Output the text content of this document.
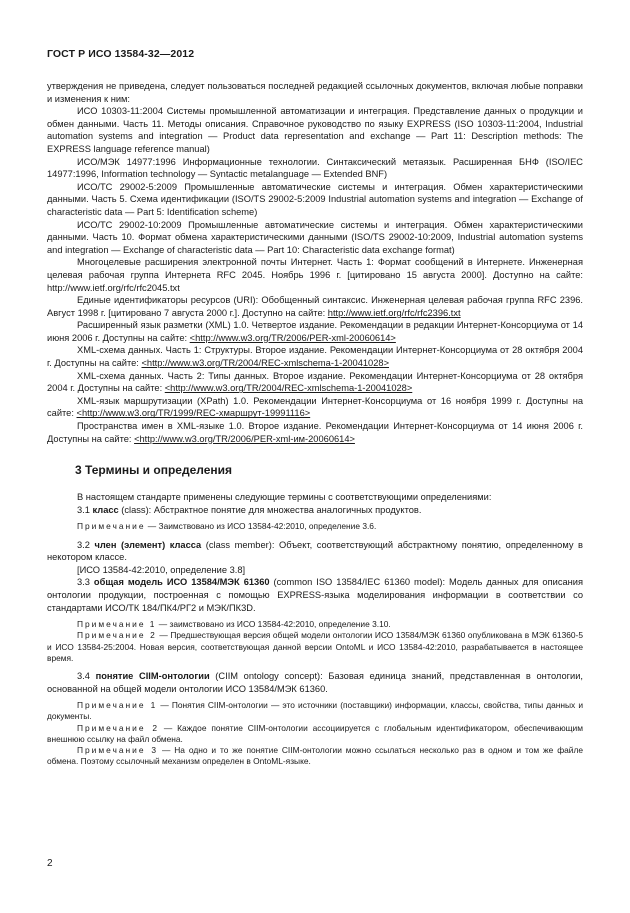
ГОСТ Р ИСО 13584-32—2012

утверждения не приведена, следует пользоваться последней редакцией ссылочных документов, включая любые поправки и изменения к ним:

ИСО 10303-11:2004 Системы промышленной автоматизации и интеграция. Представление данных о продукции и обмен данными. Часть 11. Методы описания. Справочное руководство по языку EXPRESS (ISO 10303-11:2004, Industrial automation systems and integration — Product data representation and exchange — Part 11: Description methods: The EXPRESS language reference manual)

ИСО/МЭК 14977:1996 Информационные технологии. Синтаксический метаязык. Расширенная БНФ (ISO/IEC 14977:1996, Information technology — Syntactic metalanguage — Extended BNF)

ИСО/ТС 29002-5:2009 Промышленные автоматические системы и интеграция. Обмен характеристическими данными. Часть 5. Схема идентификации (ISO/TS 29002-5:2009 Industrial automation systems and integration — Exchange of characteristic data — Part 5: Identification scheme)

ИСО/ТС 29002-10:2009 Промышленные автоматические системы и интеграция. Обмен характеристическими данными. Часть 10. Формат обмена характеристическими данными (ISO/TS 29002-10:2009, Industrial automation systems and integration — Exchange of characteristic data — Part 10: Characteristic data exchange format)

Многоцелевые расширения электронной почты Интернет. Часть 1: Формат сообщений в Интернете. Инженерная целевая рабочая группа Интернета RFC 2045. Ноябрь 1996 г. [цитировано 15 августа 2000]. Доступно на сайте: http://www.ietf.org/rfc/rfc2045.txt

Единые идентификаторы ресурсов (URI): Обобщенный синтаксис. Инженерная целевая рабочая группа RFC 2396. Август 1998 г. [цитировано 7 августа 2000 г.]. Доступно на сайте: http://www.ietf.org/rfc/rfc2396.txt

Расширенный язык разметки (XML) 1.0. Четвертое издание. Рекомендации в редакции Интернет-Консорциума от 14 июня 2006 г. Доступны на сайте: <http://www.w3.org/TR/2006/PER-xml-20060614>

XML-схема данных. Часть 1: Структуры. Второе издание. Рекомендации Интернет-Консорциума от 28 октября 2004 г. Доступны на сайте: <http://www.w3.org/TR/2004/REC-xmlschema-1-20041028>

XML-схема данных. Часть 2: Типы данных. Второе издание. Рекомендации Интернет-Консорциума от 28 октября 2004 г. Доступны на сайте: <http://www.w3.org/TR/2004/REC-xmlschema-1-20041028>

XML-язык маршрутизации (XPath) 1.0. Рекомендации Интернет-Консорциума от 16 ноября 1999 г. Доступны на сайте: <http://www.w3.org/TR/1999/REC-xмаршрут-19991116>

Пространства имен в XML-языке 1.0. Второе издание. Рекомендации Интернет-Консорциума от 14 июня 2006 г. Доступны на сайте: <http://www.w3.org/TR/2006/PER-xml-им-20060614>

3 Термины и определения

В настоящем стандарте применены следующие термины с соответствующими определениями:

3.1 класс (class): Абстрактное понятие для множества аналогичных продуктов.

Примечание — Заимствовано из ИСО 13584-42:2010, определение 3.6.

3.2 член (элемент) класса (class member): Объект, соответствующий абстрактному понятию, определенному в некотором классе.

[ИСО 13584-42:2010, определение 3.8]

3.3 общая модель ИСО 13584/МЭК 61360 (common ISO 13584/IEC 61360 model): Модель данных для описания онтологии продукции, построенная с помощью EXPRESS-языка моделирования информации в соответствии со стандартами ИСО/ТК 184/ПК4/РГ2 и МЭК/ПК3D.

Примечание 1 — заимствовано из ИСО 13584-42:2010, определение 3.10.

Примечание 2 — Предшествующая версия общей модели онтологии ИСО 13584/МЭК 61360 опубликована в МЭК 61360-5 и ИСО 13584-25:2004. Новая версия, соответствующая данной версии OntoML и ИСО 13584-42:2010, разрабатывается в настоящее время.

3.4 понятие CIIM-онтологии (CIIM ontology concept): Базовая единица знаний, представленная в онтологии, основанной на общей модели онтологии ИСО 13584/МЭК 61360.

Примечание 1 — Понятия CIIM-онтологии — это источники (поставщики) информации, классы, свойства, типы данных и документы.

Примечание 2 — Каждое понятие CIIM-онтологии ассоциируется с глобальным идентификатором, обеспечивающим внешнюю ссылку на файл обмена.

Примечание 3 — На одно и то же понятие CIIM-онтологии можно ссылаться несколько раз в одном и том же файле обмена. Поэтому ссылочный механизм определен в OntoML-языке.

2
